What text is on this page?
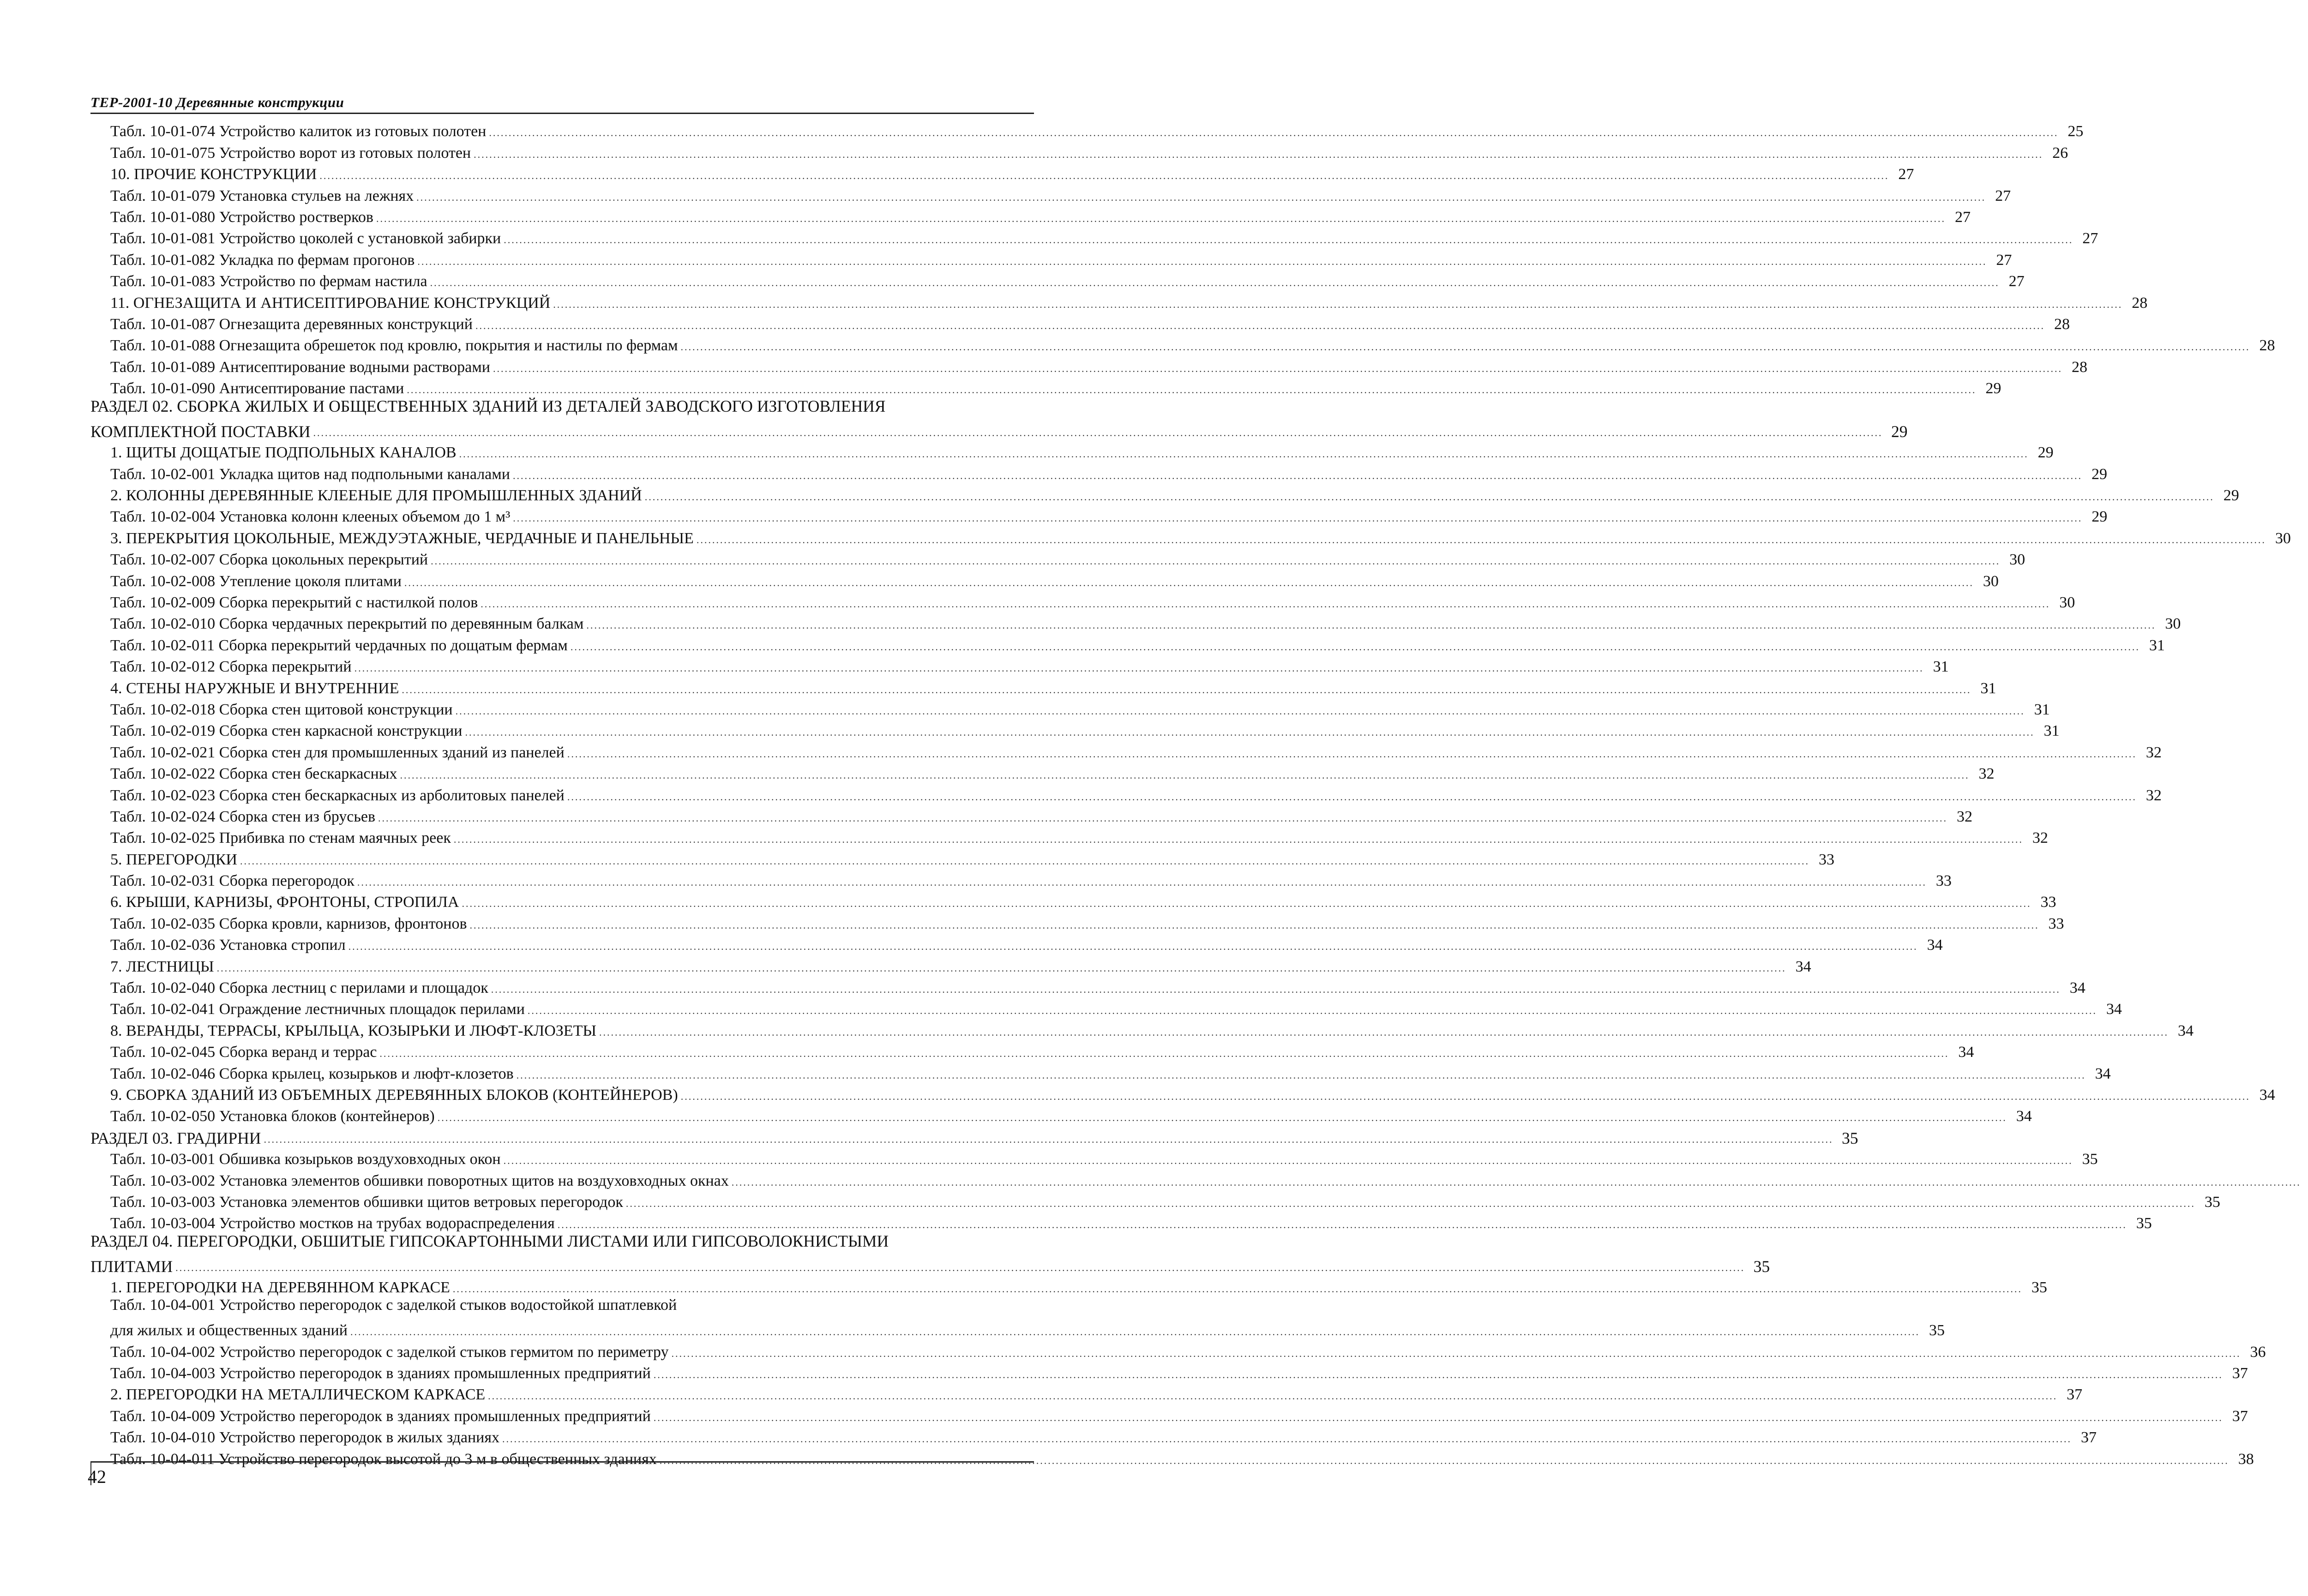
ТЕР-2001-10 Деревянные конструкции
Табл. 10-01-074 Устройство калиток из готовых полотен ................................................................................................................................................................................................................................................................................................................................................................................................................ 25
Табл. 10-01-075 Устройство ворот из готовых полотен ................................................................................................................................................................................................................................................................................................................................................................................................................ 26
10. ПРОЧИЕ КОНСТРУКЦИИ ................................................................................................................................................................................................................................................................................................................................................................................................................ 27
Табл. 10-01-079 Установка стульев на лежнях ................................................................................................................................................................................................................................................................................................................................................................................................................ 27
Табл. 10-01-080 Устройство ростверков ................................................................................................................................................................................................................................................................................................................................................................................................................ 27
Табл. 10-01-081 Устройство цоколей с установкой забирки ................................................................................................................................................................................................................................................................................................................................................................................................................ 27
Табл. 10-01-082 Укладка по фермам прогонов ................................................................................................................................................................................................................................................................................................................................................................................................................ 27
Табл. 10-01-083 Устройство по фермам настила ................................................................................................................................................................................................................................................................................................................................................................................................................ 27
11. ОГНЕЗАЩИТА И АНТИСЕПТИРОВАНИЕ КОНСТРУКЦИЙ ................................................................................................................................................................................................................................................................................................................................................................................................................ 28
Табл. 10-01-087 Огнезащита деревянных конструкций ................................................................................................................................................................................................................................................................................................................................................................................................................ 28
Табл. 10-01-088 Огнезащита обрешеток под кровлю, покрытия и настилы по фермам ................................................................................................................................................................................................................................................................................................................................................................................................................ 28
Табл. 10-01-089 Антисептирование водными растворами ................................................................................................................................................................................................................................................................................................................................................................................................................ 28
Табл. 10-01-090 Антисептирование пастами ................................................................................................................................................................................................................................................................................................................................................................................................................ 29
РАЗДЕЛ 02. СБОРКА ЖИЛЫХ И ОБЩЕСТВЕННЫХ ЗДАНИЙ ИЗ ДЕТАЛЕЙ ЗАВОДСКОГО ИЗГОТОВЛЕНИЯ
КОМПЛЕКТНОЙ ПОСТАВКИ ................................................................................................................................................................................................................................................................................................................................................................................................................ 29
1. ЩИТЫ ДОЩАТЫЕ ПОДПОЛЬНЫХ КАНАЛОВ ................................................................................................................................................................................................................................................................................................................................................................................................................ 29
Табл. 10-02-001 Укладка щитов над подпольными каналами ................................................................................................................................................................................................................................................................................................................................................................................................................ 29
2. КОЛОННЫ ДЕРЕВЯННЫЕ КЛЕЕНЫЕ ДЛЯ ПРОМЫШЛЕННЫХ ЗДАНИЙ ................................................................................................................................................................................................................................................................................................................................................................................................................ 29
Табл. 10-02-004 Установка колонн клееных объемом до 1 м³ ................................................................................................................................................................................................................................................................................................................................................................................................................ 29
3. ПЕРЕКРЫТИЯ ЦОКОЛЬНЫЕ, МЕЖДУЭТАЖНЫЕ, ЧЕРДАЧНЫЕ И ПАНЕЛЬНЫЕ ................................................................................................................................................................................................................................................................................................................................................................................................................ 30
Табл. 10-02-007 Сборка цокольных перекрытий ................................................................................................................................................................................................................................................................................................................................................................................................................ 30
Табл. 10-02-008 Утепление цоколя плитами ................................................................................................................................................................................................................................................................................................................................................................................................................ 30
Табл. 10-02-009 Сборка перекрытий с настилкой полов ................................................................................................................................................................................................................................................................................................................................................................................................................ 30
Табл. 10-02-010 Сборка чердачных перекрытий по деревянным балкам ................................................................................................................................................................................................................................................................................................................................................................................................................ 30
Табл. 10-02-011 Сборка перекрытий чердачных по дощатым фермам ................................................................................................................................................................................................................................................................................................................................................................................................................ 31
Табл. 10-02-012 Сборка перекрытий ................................................................................................................................................................................................................................................................................................................................................................................................................ 31
4. СТЕНЫ НАРУЖНЫЕ И ВНУТРЕННИЕ ................................................................................................................................................................................................................................................................................................................................................................................................................ 31
Табл. 10-02-018 Сборка стен щитовой конструкции ................................................................................................................................................................................................................................................................................................................................................................................................................ 31
Табл. 10-02-019 Сборка стен каркасной конструкции ................................................................................................................................................................................................................................................................................................................................................................................................................ 31
Табл. 10-02-021 Сборка стен для промышленных зданий из панелей ................................................................................................................................................................................................................................................................................................................................................................................................................ 32
Табл. 10-02-022 Сборка стен бескаркасных ................................................................................................................................................................................................................................................................................................................................................................................................................ 32
Табл. 10-02-023 Сборка стен бескаркасных из арболитовых панелей ................................................................................................................................................................................................................................................................................................................................................................................................................ 32
Табл. 10-02-024 Сборка стен из брусьев ................................................................................................................................................................................................................................................................................................................................................................................................................ 32
Табл. 10-02-025 Прибивка по стенам маячных реек ................................................................................................................................................................................................................................................................................................................................................................................................................ 32
5. ПЕРЕГОРОДКИ ................................................................................................................................................................................................................................................................................................................................................................................................................ 33
Табл. 10-02-031 Сборка перегородок ................................................................................................................................................................................................................................................................................................................................................................................................................ 33
6. КРЫШИ, КАРНИЗЫ, ФРОНТОНЫ, СТРОПИЛА ................................................................................................................................................................................................................................................................................................................................................................................................................ 33
Табл. 10-02-035 Сборка кровли, карнизов, фронтонов ................................................................................................................................................................................................................................................................................................................................................................................................................ 33
Табл. 10-02-036 Установка стропил ................................................................................................................................................................................................................................................................................................................................................................................................................ 34
7. ЛЕСТНИЦЫ ................................................................................................................................................................................................................................................................................................................................................................................................................ 34
Табл. 10-02-040 Сборка лестниц с перилами и площадок ................................................................................................................................................................................................................................................................................................................................................................................................................ 34
Табл. 10-02-041 Ограждение лестничных площадок перилами ................................................................................................................................................................................................................................................................................................................................................................................................................ 34
8. ВЕРАНДЫ, ТЕРРАСЫ, КРЫЛЬЦА, КОЗЫРЬКИ И ЛЮФТ-КЛОЗЕТЫ ................................................................................................................................................................................................................................................................................................................................................................................................................ 34
Табл. 10-02-045 Сборка веранд и террас ................................................................................................................................................................................................................................................................................................................................................................................................................ 34
Табл. 10-02-046 Сборка крылец, козырьков и люфт-клозетов ................................................................................................................................................................................................................................................................................................................................................................................................................ 34
9. СБОРКА ЗДАНИЙ ИЗ ОБЪЕМНЫХ ДЕРЕВЯННЫХ БЛОКОВ (КОНТЕЙНЕРОВ) ................................................................................................................................................................................................................................................................................................................................................................................................................ 34
Табл. 10-02-050 Установка блоков (контейнеров) ................................................................................................................................................................................................................................................................................................................................................................................................................ 34
РАЗДЕЛ 03. ГРАДИРНИ ................................................................................................................................................................................................................................................................................................................................................................................................................ 35
Табл. 10-03-001 Обшивка козырьков воздуховходных окон ................................................................................................................................................................................................................................................................................................................................................................................................................ 35
Табл. 10-03-002 Установка элементов обшивки поворотных щитов на воздуховходных окнах ................................................................................................................................................................................................................................................................................................................................................................................................................
Табл. 10-03-003 Установка элементов обшивки щитов ветровых перегородок ................................................................................................................................................................................................................................................................................................................................................................................................................ 35
Табл. 10-03-004 Устройство мостков на трубах водораспределения ................................................................................................................................................................................................................................................................................................................................................................................................................ 35
РАЗДЕЛ 04. ПЕРЕГОРОДКИ, ОБШИТЫЕ ГИПСОКАРТОННЫМИ ЛИСТАМИ ИЛИ ГИПСОВОЛОКНИСТЫМИ
ПЛИТАМИ ................................................................................................................................................................................................................................................................................................................................................................................................................ 35
1. ПЕРЕГОРОДКИ НА ДЕРЕВЯННОМ КАРКАСЕ ................................................................................................................................................................................................................................................................................................................................................................................................................ 35
Табл. 10-04-001 Устройство перегородок с заделкой стыков водостойкой шпатлевкой
для жилых и общественных зданий ................................................................................................................................................................................................................................................................................................................................................................................................................ 35
Табл. 10-04-002 Устройство перегородок с заделкой стыков гермитом по периметру ................................................................................................................................................................................................................................................................................................................................................................................................................ 36
Табл. 10-04-003 Устройство перегородок в зданиях промышленных предприятий ................................................................................................................................................................................................................................................................................................................................................................................................................ 37
2. ПЕРЕГОРОДКИ НА МЕТАЛЛИЧЕСКОМ КАРКАСЕ ................................................................................................................................................................................................................................................................................................................................................................................................................ 37
Табл. 10-04-009 Устройство перегородок в зданиях промышленных предприятий ................................................................................................................................................................................................................................................................................................................................................................................................................ 37
Табл. 10-04-010 Устройство перегородок в жилых зданиях ................................................................................................................................................................................................................................................................................................................................................................................................................ 37
Табл. 10-04-011 Устройство перегородок высотой до 3 м в общественных зданиях ................................................................................................................................................................................................................................................................................................................................................................................................................ 38
42
